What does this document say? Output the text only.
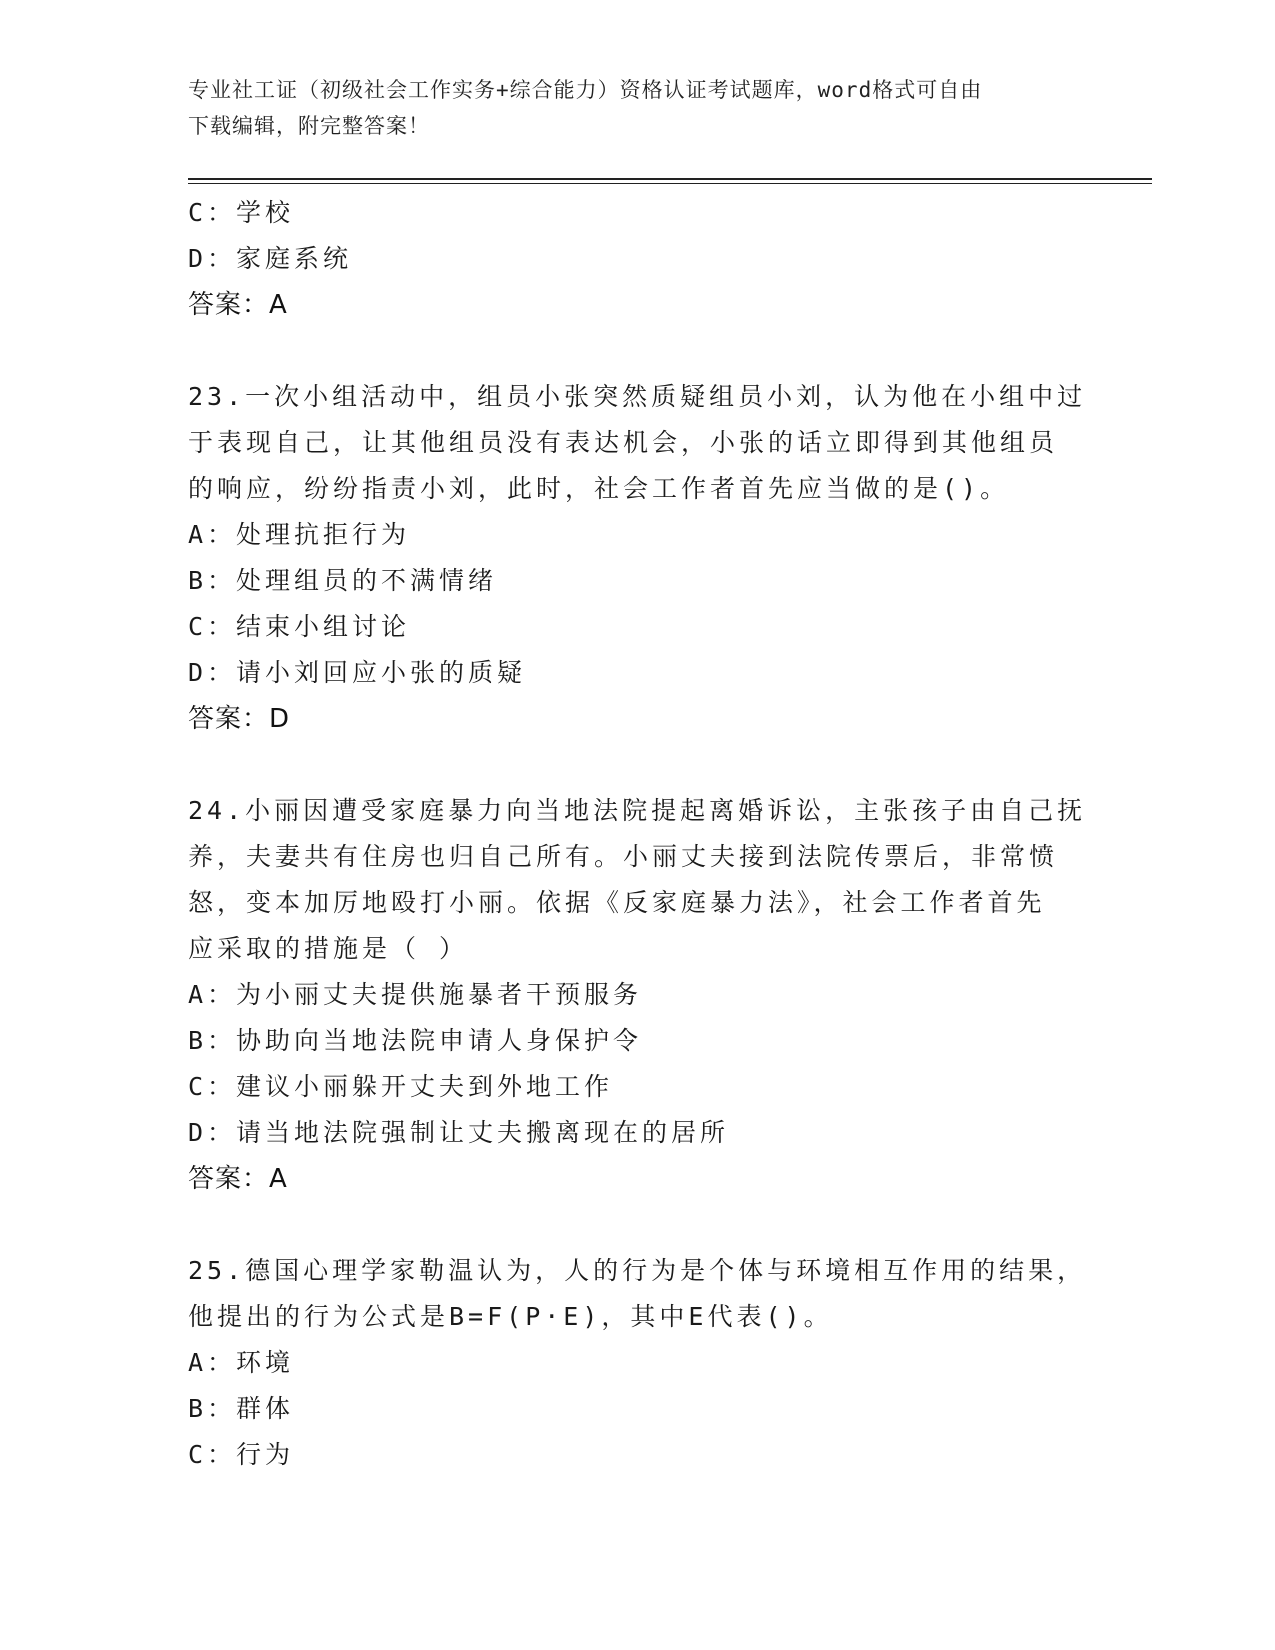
专业社工证（初级社会工作实务+综合能力）资格认证考试题库，word格式可自由
下载编辑，附完整答案！
C：学校
D：家庭系统
答案：A
23.一次小组活动中，组员小张突然质疑组员小刘，认为他在小组中过
于表现自己，让其他组员没有表达机会，小张的话立即得到其他组员
的响应，纷纷指责小刘，此时，社会工作者首先应当做的是()。
A：处理抗拒行为
B：处理组员的不满情绪
C：结束小组讨论
D：请小刘回应小张的质疑
答案：D
24.小丽因遭受家庭暴力向当地法院提起离婚诉讼，主张孩子由自己抚
养，夫妻共有住房也归自己所有。小丽丈夫接到法院传票后，非常愤
怒，变本加厉地殴打小丽。依据《反家庭暴力法》，社会工作者首先
应采取的措施是（ ）
A：为小丽丈夫提供施暴者干预服务
B：协助向当地法院申请人身保护令
C：建议小丽躲开丈夫到外地工作
D：请当地法院强制让丈夫搬离现在的居所
答案：A
25.德国心理学家勒温认为，人的行为是个体与环境相互作用的结果，
他提出的行为公式是B=F(P·E)，其中E代表()。
A：环境
B：群体
C：行为
